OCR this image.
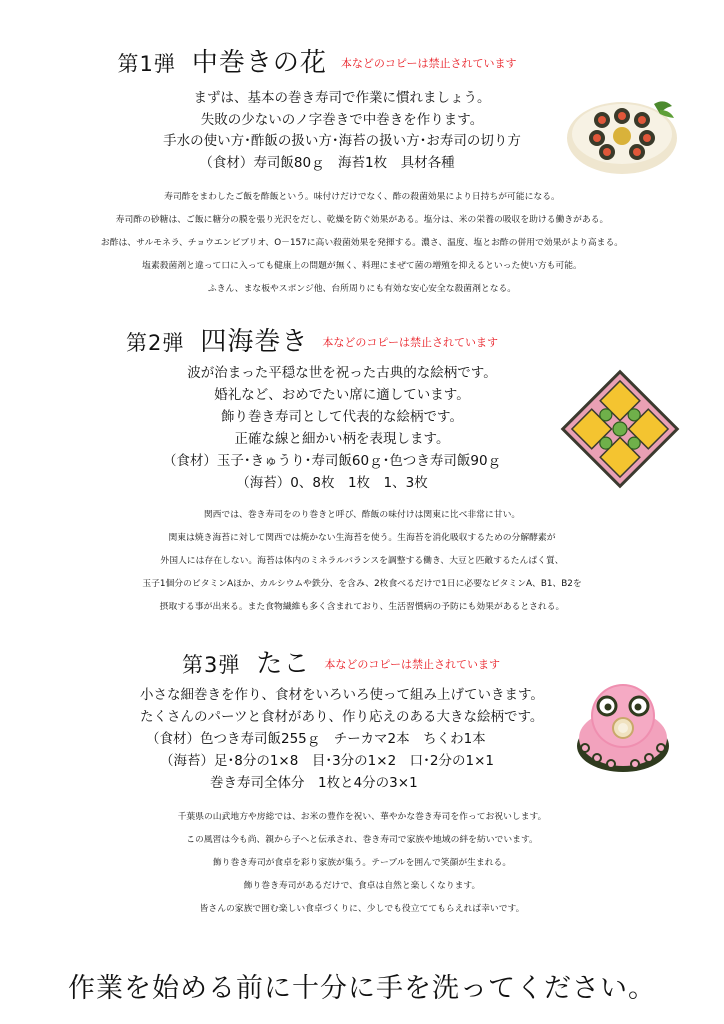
第1弾 中巻きの花 本などのコピーは禁止されています
まずは、基本の巻き寿司で作業に慣れましょう。
失敗の少ないのノ字巻きで中巻きを作ります。
手水の使い方･酢飯の扱い方･海苔の扱い方･お寿司の切り方
（食材）寿司飯80ｇ　海苔1枚　具材各種
寿司酢をまわしたご飯を酢飯という。味付けだけでなく、酢の殺菌効果により日持ちが可能になる。
寿司酢の砂糖は、ご飯に糖分の膜を張り光沢をだし、乾燥を防ぐ効果がある。塩分は、米の栄養の吸収を助ける働きがある。
お酢は、サルモネラ、チョウエンビブリオ、O－157に高い殺菌効果を発揮する。濃さ、温度、塩とお酢の併用で効果がより高まる。
塩素殺菌剤と違って口に入っても健康上の問題が無く、料理にまぜて菌の増殖を抑えるといった使い方も可能。
ふきん、まな板やスポンジ他、台所周りにも有効な安心安全な殺菌剤となる。
第2弾 四海巻き 本などのコピーは禁止されています
波が治まった平穏な世を祝った古典的な絵柄です。
婚礼など、おめでたい席に適しています。
飾り巻き寿司として代表的な絵柄です。
正確な線と細かい柄を表現します。
（食材）玉子･きゅうり･寿司飯60ｇ･色つき寿司飯90ｇ
（海苔）0、8枚　1枚　1、3枚
関西では、巻き寿司をのり巻きと呼び、酢飯の味付けは関東に比べ非常に甘い。
関東は焼き海苔に対して関西では焼かない生海苔を使う。生海苔を消化吸収するための分解酵素が
外国人には存在しない。海苔は体内のミネラルバランスを調整する働き、大豆と匹敵するたんぱく質、
玉子1個分のビタミンAほか、カルシウムや鉄分、を含み、2枚食べるだけで1日に必要なビタミンA、B1、B2を
摂取する事が出来る。また食物繊維も多く含まれており、生活習慣病の予防にも効果があるとされる。
第3弾 たこ 本などのコピーは禁止されています
小さな細巻きを作り、食材をいろいろ使って組み上げていきます。
たくさんのパーツと食材があり、作り応えのある大きな絵柄です。
（食材）色つき寿司飯255ｇ　チーカマ2本　ちくわ1本
（海苔）足･8分の1×8　目･3分の1×2　口･2分の1×1
巻き寿司全体分　1枚と4分の3×1
千葉県の山武地方や房総では、お米の豊作を祝い、華やかな巻き寿司を作ってお祝いします。
この風習は今も尚、親から子へと伝承され、巻き寿司で家族や地域の絆を紡いでいます。
飾り巻き寿司が食卓を彩り家族が集う。テーブルを囲んで笑顔が生まれる。
飾り巻き寿司があるだけで、食卓は自然と楽しくなります。
皆さんの家族で囲む楽しい食卓づくりに、少しでも役立ててもらえれば幸いです。
作業を始める前に十分に手を洗ってください。
